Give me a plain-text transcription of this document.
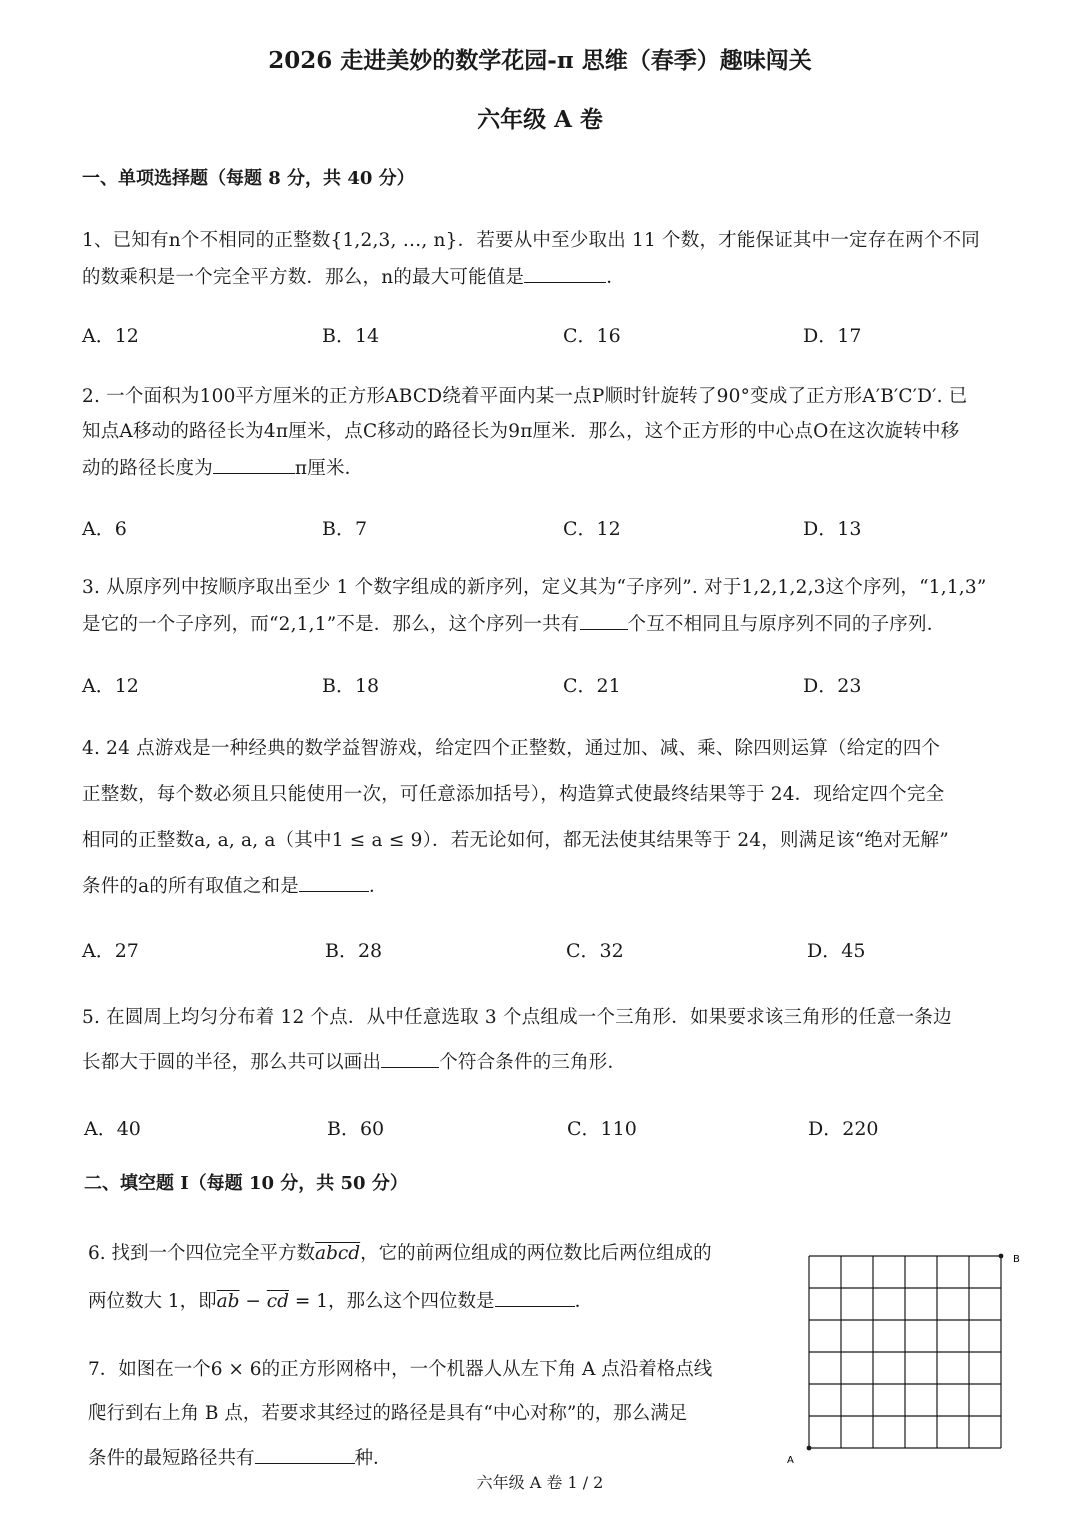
2026 走进美妙的数学花园-π 思维（春季）趣味闯关
六年级 A 卷
一、单项选择题（每题 8 分，共 40 分）
1、已知有n个不相同的正整数{1,2,3, …, n}．若要从中至少取出 11 个数，才能保证其中一定存在两个不同
的数乘积是一个完全平方数．那么，n的最大可能值是	．
A．12	B．14	C．16	D．17
2. 一个面积为100平方厘米的正方形ABCD绕着平面内某一点P顺时针旋转了90°变成了正方形A′B′C′D′. 已
知点A移动的路径长为4π厘米，点C移动的路径长为9π厘米．那么，这个正方形的中心点O在这次旋转中移
动的路径长度为	π厘米．
A．6	B．7	C．12	D．13
3. 从原序列中按顺序取出至少 1 个数字组成的新序列，定义其为“子序列”. 对于1,2,1,2,3这个序列，“1,1,3”
是它的一个子序列，而“2,1,1”不是．那么，这个序列一共有	个互不相同且与原序列不同的子序列．
A．12	B．18	C．21	D．23
4. 24 点游戏是一种经典的数学益智游戏，给定四个正整数，通过加、减、乘、除四则运算（给定的四个
正整数，每个数必须且只能使用一次，可任意添加括号），构造算式使最终结果等于 24．现给定四个完全
相同的正整数a, a, a, a（其中1 ≤ a ≤ 9）．若无论如何，都无法使其结果等于 24，则满足该“绝对无解”
条件的a的所有取值之和是	．
A．27	B．28	C．32	D．45
5. 在圆周上均匀分布着 12 个点．从中任意选取 3 个点组成一个三角形．如果要求该三角形的任意一条边
长都大于圆的半径，那么共可以画出	个符合条件的三角形．
A．40	B．60	C．110	D．220
二、填空题 I（每题 10 分，共 50 分）
6. 找到一个四位完全平方数abcd，它的前两位组成的两位数比后两位组成的
两位数大 1，即$\overline{ab} - \overline{cd} = 1$，那么这个四位数是	．
7．如图在一个6 × 6的正方形网格中，一个机器人从左下角 A 点沿着格点线
爬行到右上角 B 点，若要求其经过的路径是具有“中心对称”的，那么满足
条件的最短路径共有	种．	A
B
六年级 A 卷 1 / 2
